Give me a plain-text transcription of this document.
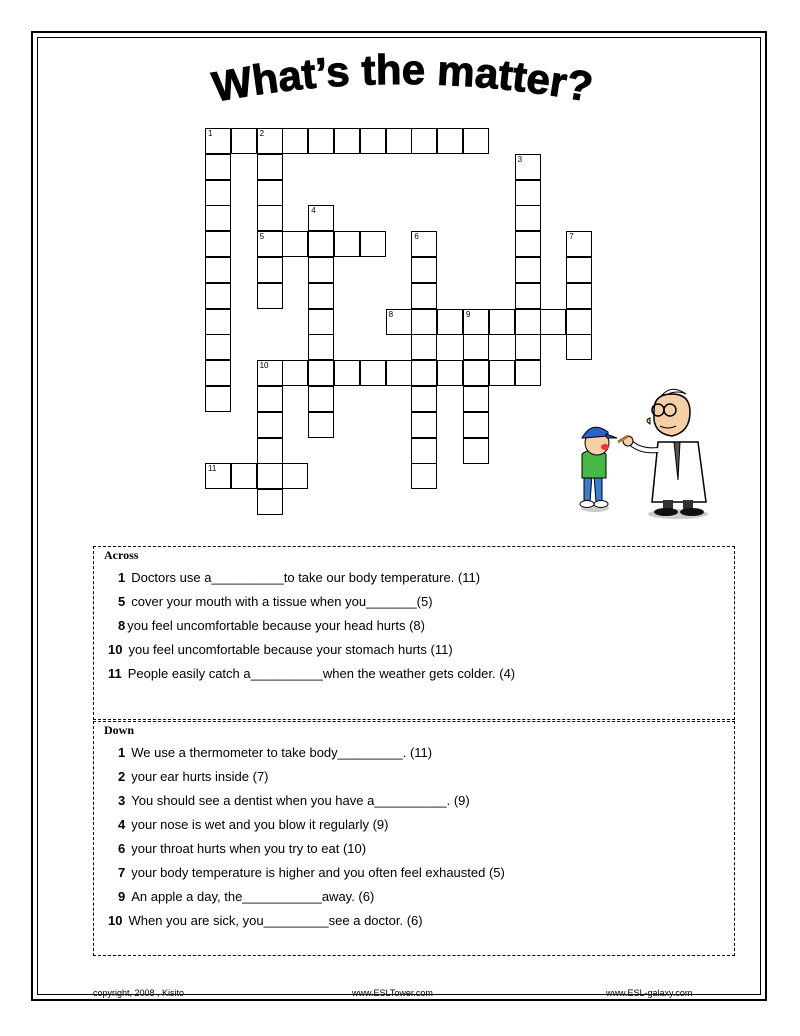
What’s the matter?
1	2
5
4
3
6	7
8	9
10
11
Across
1 Doctors use a__________to take our body temperature. (11)
5 cover your mouth with a tissue when you_______(5)
8 you feel uncomfortable because your head hurts (8)
10 you feel uncomfortable because your stomach hurts (11)
11 People easily catch a__________when the weather gets colder. (4)
Down
1 We use a thermometer to take body_________. (11)
2 your ear hurts inside (7)
3 You should see a dentist when you have a__________. (9)
4 your nose is wet and you blow it regularly (9)
6 your throat hurts when you try to eat (10)
7 your body temperature is higher and you often feel exhausted (5)
9 An apple a day, the___________away. (6)
10 When you are sick, you_________see a doctor. (6)
copyright, 2008 , Kisito	www.ESLTower.com	www.ESL-galaxy.com
